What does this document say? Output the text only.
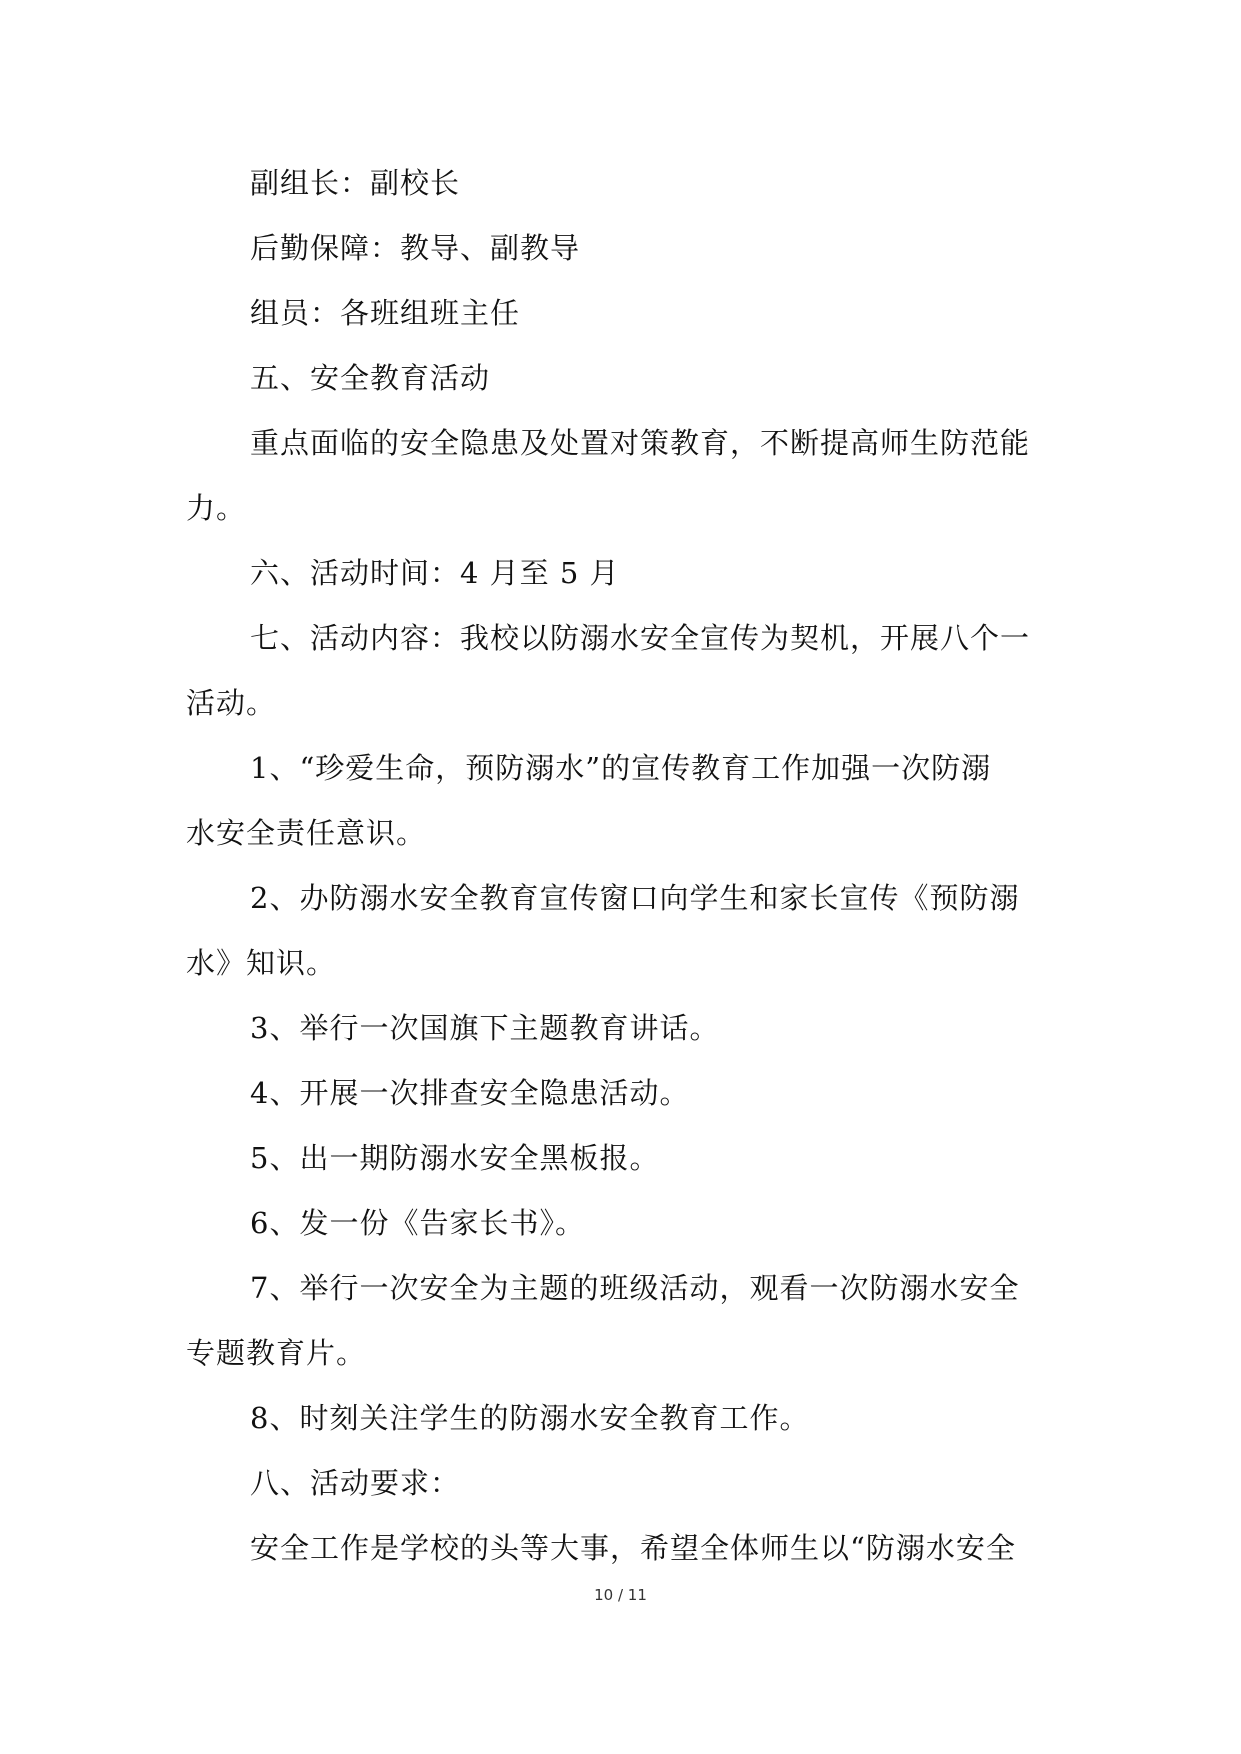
副组长：副校长

后勤保障：教导、副教导

组员：各班组班主任

五、安全教育活动

重点面临的安全隐患及处置对策教育，不断提高师生防范能

力。

六、活动时间：4 月至 5 月

七、活动内容：我校以防溺水安全宣传为契机，开展八个一

活动。

1、“珍爱生命，预防溺水”的宣传教育工作加强一次防溺

水安全责任意识。

2、办防溺水安全教育宣传窗口向学生和家长宣传《预防溺

水》知识。

3、举行一次国旗下主题教育讲话。

4、开展一次排查安全隐患活动。

5、出一期防溺水安全黑板报。

6、发一份《告家长书》。

7、举行一次安全为主题的班级活动，观看一次防溺水安全

专题教育片。

8、时刻关注学生的防溺水安全教育工作。

八、活动要求：

安全工作是学校的头等大事，希望全体师生以“防溺水安全

10 / 11
